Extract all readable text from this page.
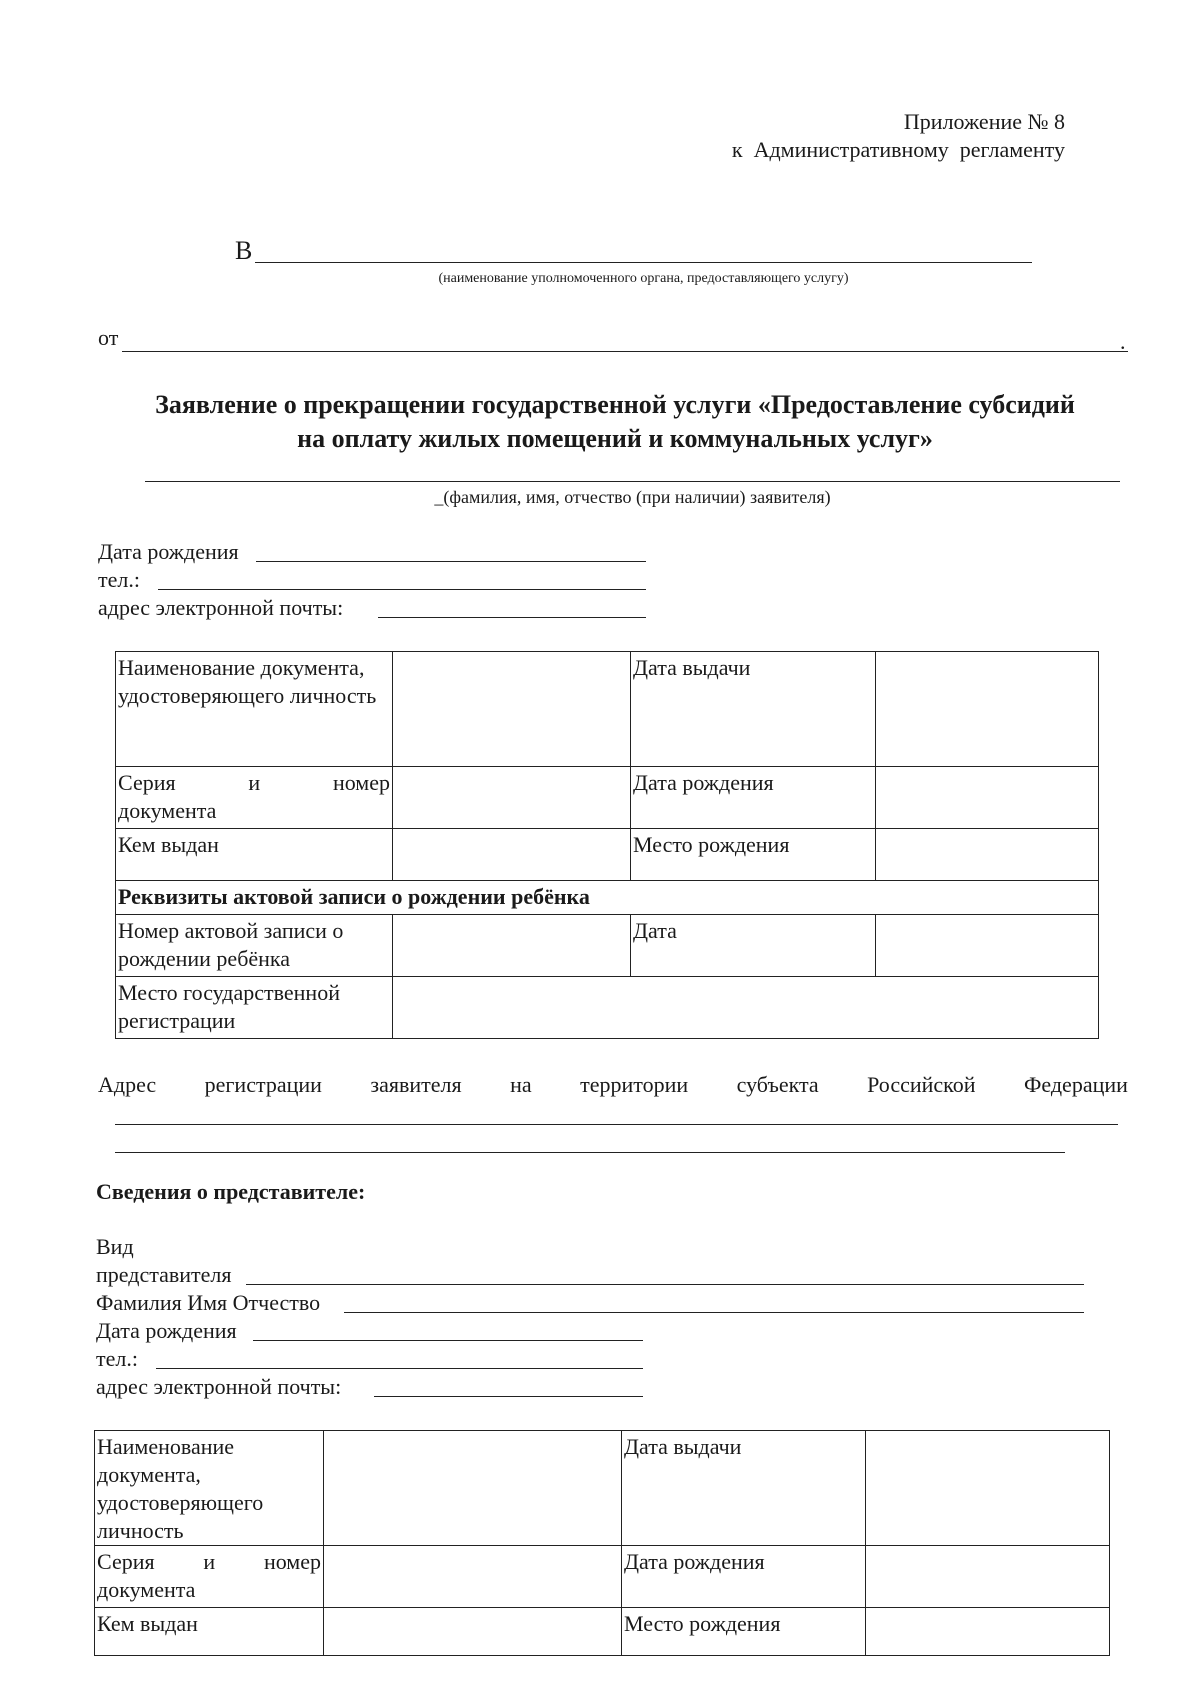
Приложение № 8
к  Административному  регламенту
В
(наименование уполномоченного органа, предоставляющего услугу)
от	.
Заявление о прекращении государственной услуги «Предоставление субсидий
на оплату жилых помещений и коммунальных услуг»
_(фамилия, имя, отчество (при наличии) заявителя)
Дата рождения
тел.:
адрес электронной почты:
Наименование документа, удостоверяющего личность		Дата выдачи	

Серия и номер
документа		Дата рождения	
Кем выдан		Место рождения	
Реквизиты актовой записи о рождении ребёнка			
Номер актовой записи о рождении ребёнка		Дата	
Место государственной регистрации			
Адрес регистрации заявителя на территории субъекта Российской Федерации
Сведения о представителе:
Вид
представителя
Фамилия Имя Отчество
Дата рождения
тел.:
адрес электронной почты:
Наименование документа, удостоверяющего личность		Дата выдачи	

Серия и номер
документа		Дата рождения	
Кем выдан		Место рождения	
